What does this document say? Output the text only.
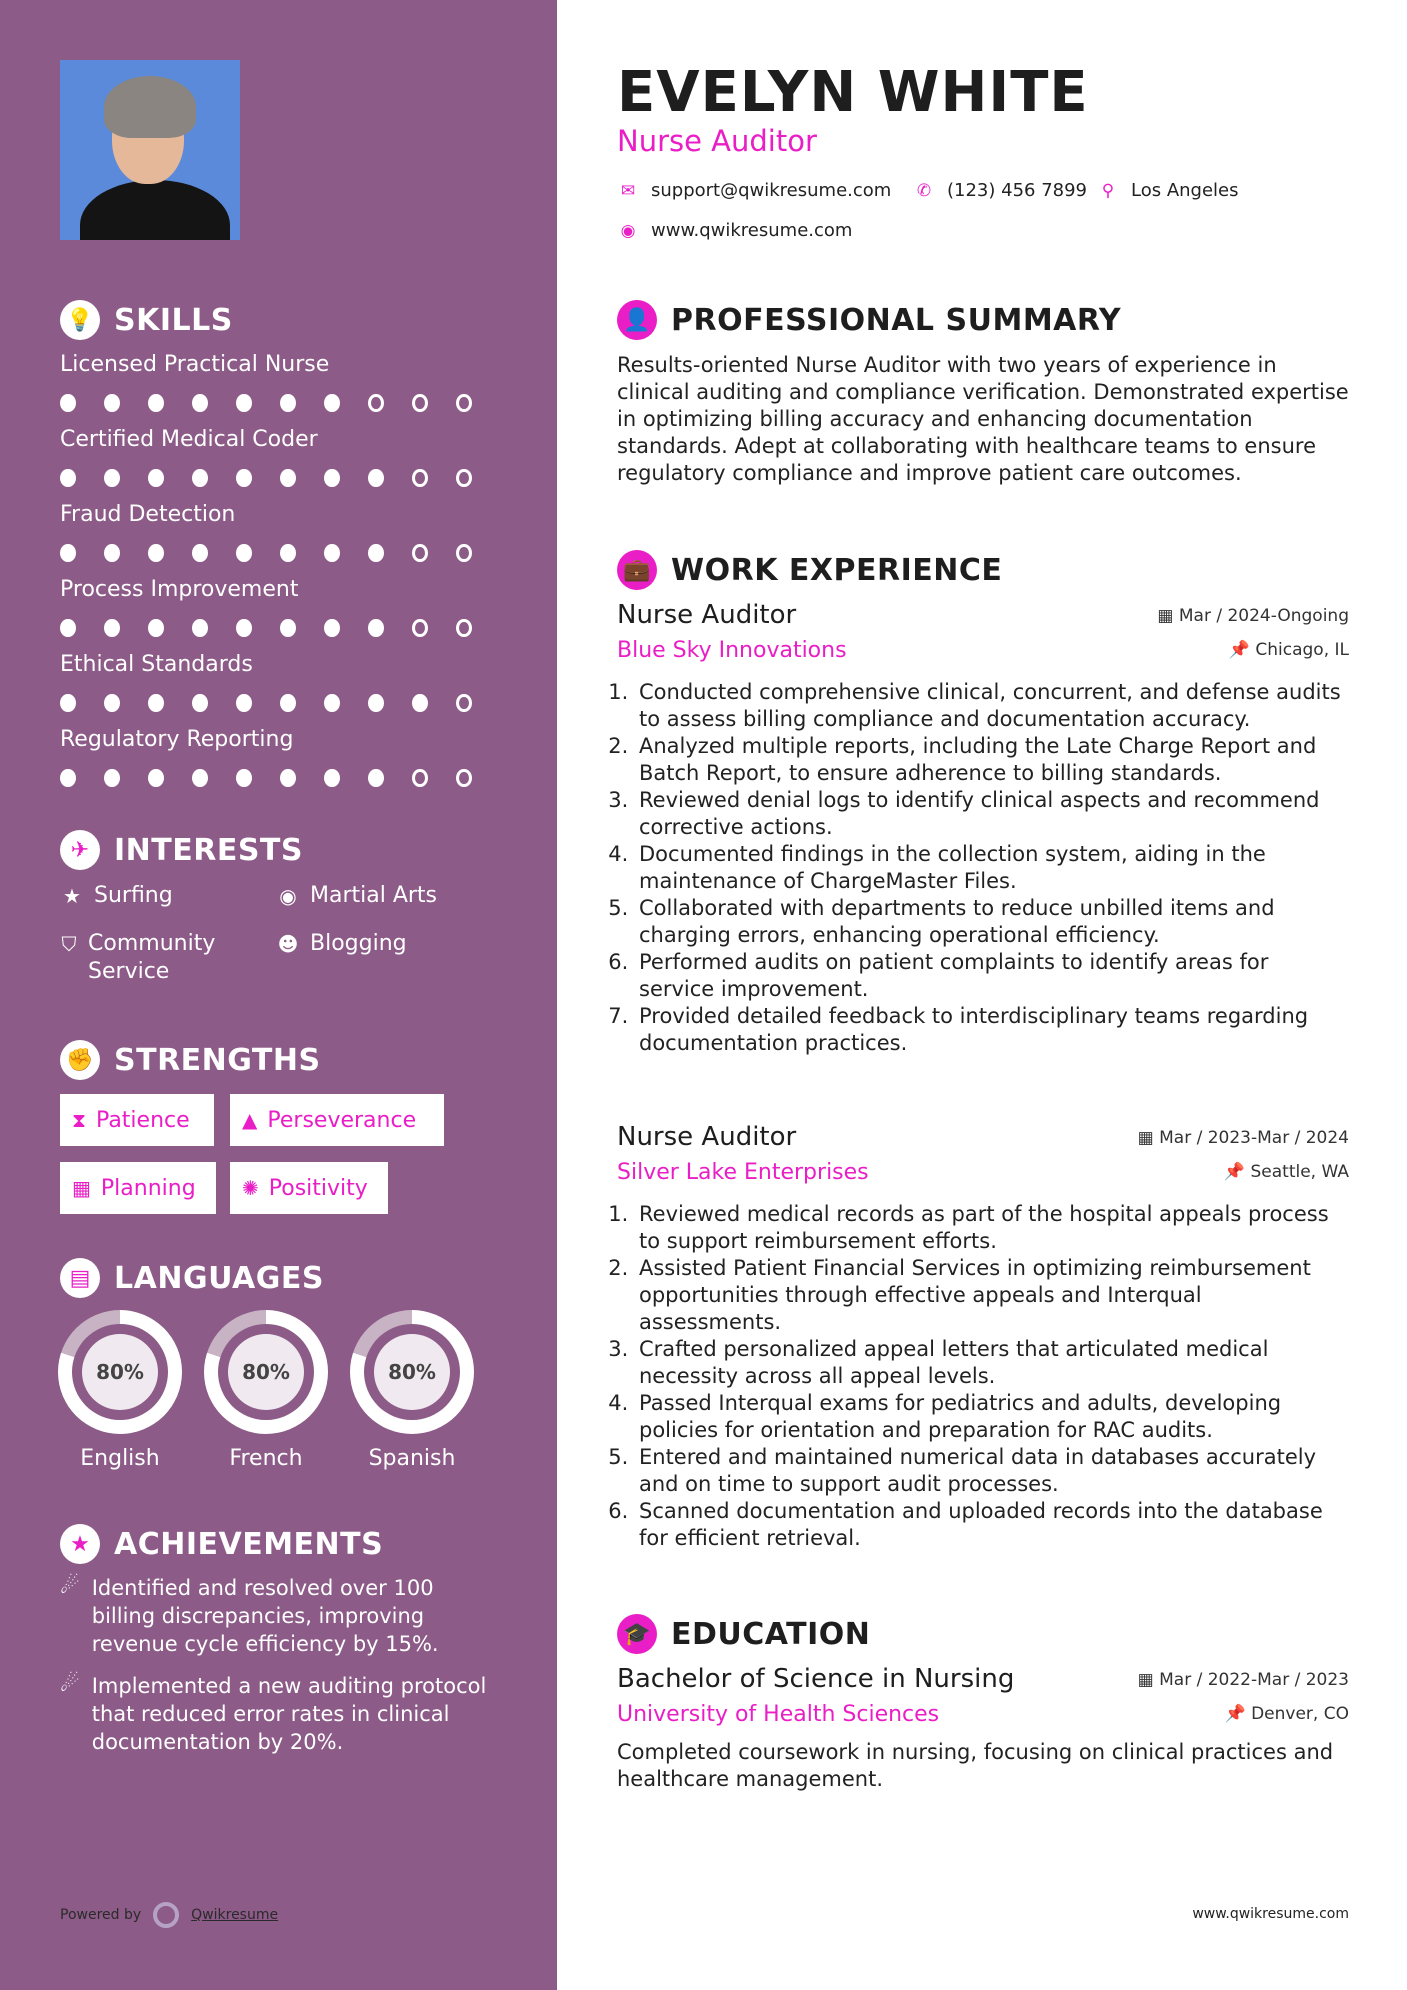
💡 SKILLS
Licensed Practical Nurse
Certified Medical Coder
Fraud Detection
Process Improvement
Ethical Standards
Regulatory Reporting
✈ INTERESTS
★ Surfing	◉ Martial Arts
⛉ Community Service
☻ Blogging
✊ STRENGTHS
⧗ Patience	▲ Perseverance
▦ Planning ✺ Positivity
▤ LANGUAGES
80%
English
80%
French
80%
Spanish
★ ACHIEVEMENTS
☄ Identified and resolved over 100 billing discrepancies, improving revenue cycle efficiency by 15%.
☄ Implemented a new auditing protocol that reduced error rates in clinical documentation by 20%.
Powered by	Qwikresume
EVELYN WHITE
Nurse Auditor
✉ support@qwikresume.com ✆ (123) 456 7899 ⚲ Los Angeles
◉ www.qwikresume.com
👤 PROFESSIONAL SUMMARY
Results-oriented Nurse Auditor with two years of experience in clinical auditing and compliance verification. Demonstrated expertise in optimizing billing accuracy and enhancing documentation standards. Adept at collaborating with healthcare teams to ensure regulatory compliance and improve patient care outcomes.
💼 WORK EXPERIENCE
Nurse Auditor
Blue Sky Innovations
▦ Mar / 2024-Ongoing
📌 Chicago, IL
1. Conducted comprehensive clinical, concurrent, and defense audits to assess billing compliance and documentation accuracy.
2. Analyzed multiple reports, including the Late Charge Report and Batch Report, to ensure adherence to billing standards.
3. Reviewed denial logs to identify clinical aspects and recommend corrective actions.
4. Documented findings in the collection system, aiding in the maintenance of ChargeMaster Files.
5. Collaborated with departments to reduce unbilled items and charging errors, enhancing operational efficiency.
6. Performed audits on patient complaints to identify areas for service improvement.
7. Provided detailed feedback to interdisciplinary teams regarding documentation practices.
Nurse Auditor
Silver Lake Enterprises
▦ Mar / 2023-Mar / 2024
📌 Seattle, WA
1. Reviewed medical records as part of the hospital appeals process to support reimbursement efforts.
2. Assisted Patient Financial Services in optimizing reimbursement opportunities through effective appeals and Interqual assessments.
3. Crafted personalized appeal letters that articulated medical necessity across all appeal levels.
4. Passed Interqual exams for pediatrics and adults, developing policies for orientation and preparation for RAC audits.
5. Entered and maintained numerical data in databases accurately and on time to support audit processes.
6. Scanned documentation and uploaded records into the database for efficient retrieval.
🎓 EDUCATION
Bachelor of Science in Nursing
University of Health Sciences
▦ Mar / 2022-Mar / 2023
📌 Denver, CO
Completed coursework in nursing, focusing on clinical practices and healthcare management.
www.qwikresume.com
